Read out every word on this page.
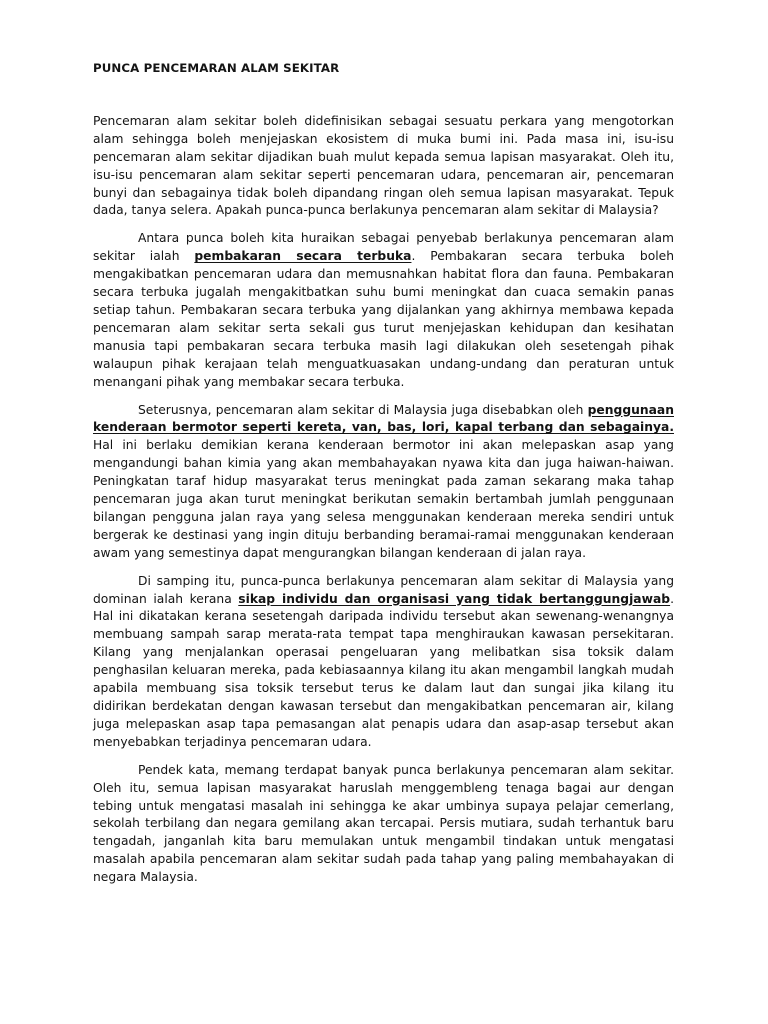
PUNCA PENCEMARAN ALAM SEKITAR

Pencemaran alam sekitar boleh didefinisikan sebagai sesuatu perkara yang mengotorkan alam sehingga boleh menjejaskan ekosistem di muka bumi ini. Pada masa ini, isu-isu pencemaran alam sekitar dijadikan buah mulut kepada semua lapisan masyarakat. Oleh itu, isu-isu pencemaran alam sekitar seperti pencemaran udara, pencemaran air, pencemaran bunyi dan sebagainya tidak boleh dipandang ringan oleh semua lapisan masyarakat. Tepuk dada, tanya selera. Apakah punca-punca berlakunya pencemaran alam sekitar di Malaysia?

Antara punca boleh kita huraikan sebagai penyebab berlakunya pencemaran alam sekitar ialah pembakaran secara terbuka. Pembakaran secara terbuka boleh mengakibatkan pencemaran udara dan memusnahkan habitat flora dan fauna. Pembakaran secara terbuka jugalah mengakitbatkan suhu bumi meningkat dan cuaca semakin panas setiap tahun. Pembakaran secara terbuka yang dijalankan yang akhirnya membawa kepada pencemaran alam sekitar serta sekali gus turut menjejaskan kehidupan dan kesihatan manusia tapi pembakaran secara terbuka masih lagi dilakukan oleh sesetengah pihak walaupun pihak kerajaan telah menguatkuasakan undang-undang dan peraturan untuk menangani pihak yang membakar secara terbuka.

Seterusnya, pencemaran alam sekitar di Malaysia juga disebabkan oleh penggunaan kenderaan bermotor seperti kereta, van, bas, lori, kapal terbang dan sebagainya. Hal ini berlaku demikian kerana kenderaan bermotor ini akan melepaskan asap yang mengandungi bahan kimia yang akan membahayakan nyawa kita dan juga haiwan-haiwan. Peningkatan taraf hidup masyarakat terus meningkat pada zaman sekarang maka tahap pencemaran juga akan turut meningkat berikutan semakin bertambah jumlah penggunaan bilangan pengguna jalan raya yang selesa menggunakan kenderaan mereka sendiri untuk bergerak ke destinasi yang ingin dituju berbanding beramai-ramai menggunakan kenderaan awam yang semestinya dapat mengurangkan bilangan kenderaan di jalan raya.

Di samping itu, punca-punca berlakunya pencemaran alam sekitar di Malaysia yang dominan ialah kerana sikap individu dan organisasi yang tidak bertanggungjawab. Hal ini dikatakan kerana sesetengah daripada individu tersebut akan sewenang-wenangnya membuang sampah sarap merata-rata tempat tapa menghiraukan kawasan persekitaran. Kilang yang menjalankan operasai pengeluaran yang melibatkan sisa toksik dalam penghasilan keluaran mereka, pada kebiasaannya kilang itu akan mengambil langkah mudah apabila membuang sisa toksik tersebut terus ke dalam laut dan sungai jika kilang itu didirikan berdekatan dengan kawasan tersebut dan mengakibatkan pencemaran air, kilang juga melepaskan asap tapa pemasangan alat penapis udara dan asap-asap tersebut akan menyebabkan terjadinya pencemaran udara.

Pendek kata, memang terdapat banyak punca berlakunya pencemaran alam sekitar. Oleh itu, semua lapisan masyarakat haruslah menggembleng tenaga bagai aur dengan tebing untuk mengatasi masalah ini sehingga ke akar umbinya supaya pelajar cemerlang, sekolah terbilang dan negara gemilang akan tercapai. Persis mutiara, sudah terhantuk baru tengadah, janganlah kita baru memulakan untuk mengambil tindakan untuk mengatasi masalah apabila pencemaran alam sekitar sudah pada tahap yang paling membahayakan di negara Malaysia.
